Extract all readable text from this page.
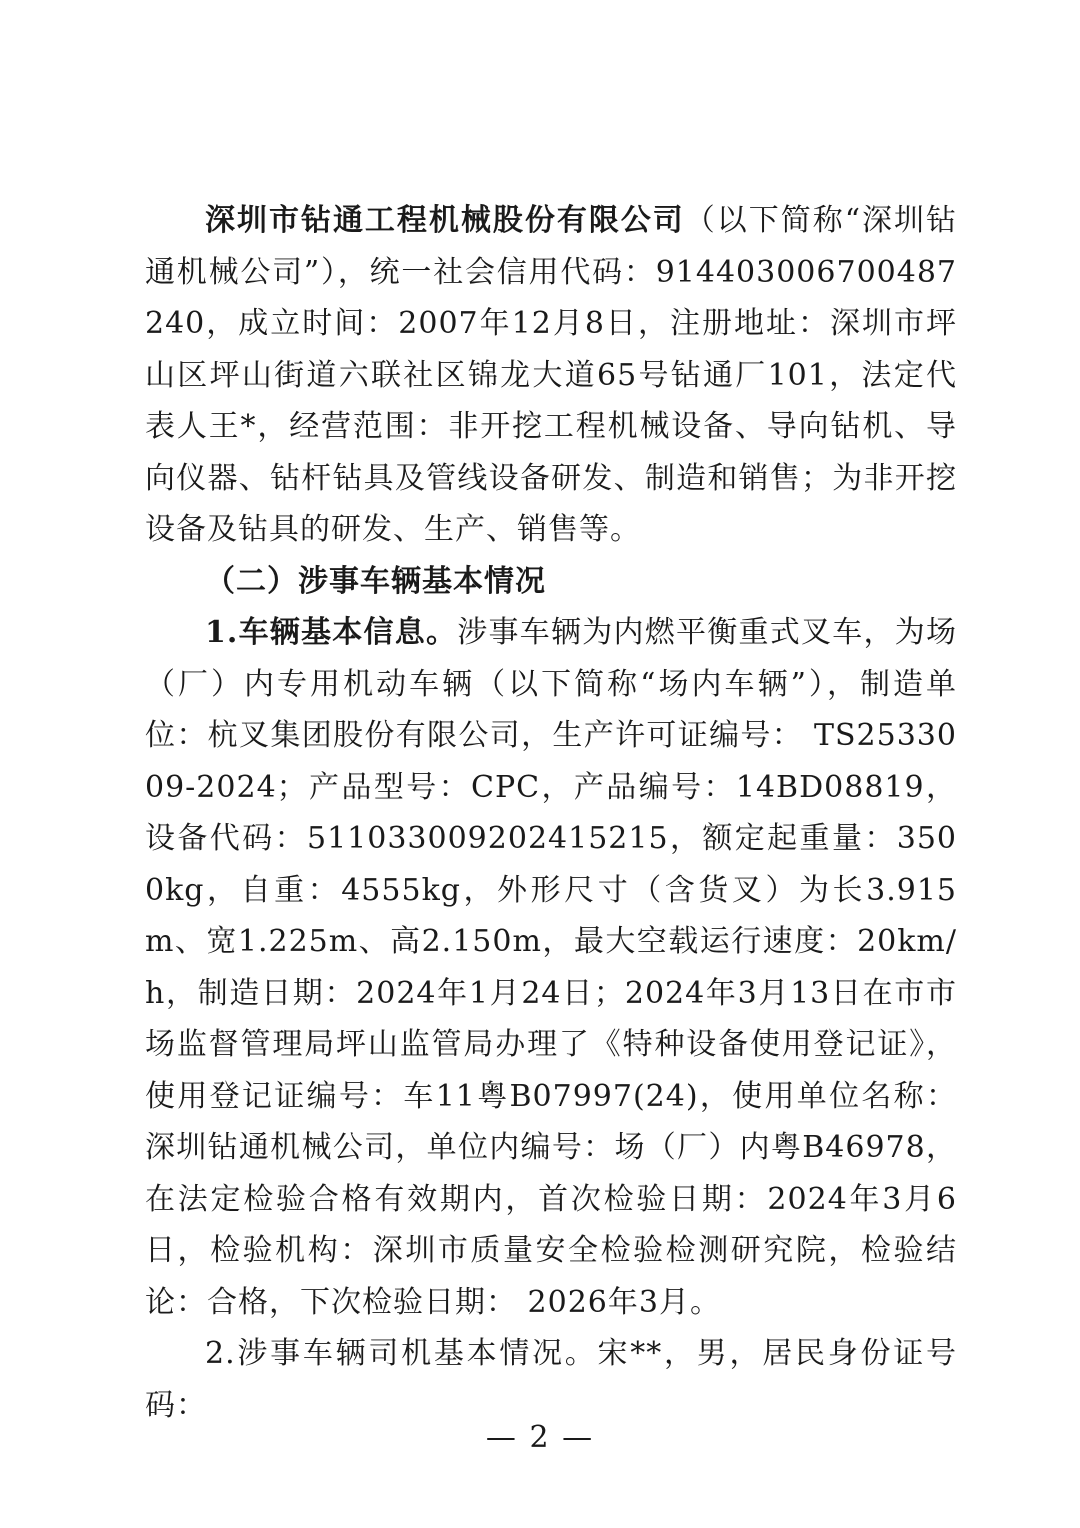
深圳市钻通工程机械股份有限公司（以下简称“深圳钻通机械公司”），统一社会信用代码：914403006700487240，成立时间：2007年12月8日，注册地址：深圳市坪山区坪山街道六联社区锦龙大道65号钻通厂101，法定代表人王*，经营范围：非开挖工程机械设备、导向钻机、导向仪器、钻杆钻具及管线设备研发、制造和销售；为非开挖设备及钻具的研发、生产、销售等。

（二）涉事车辆基本情况

1.车辆基本信息。涉事车辆为内燃平衡重式叉车，为场（厂）内专用机动车辆（以下简称“场内车辆”），制造单位：杭叉集团股份有限公司，生产许可证编号： TS2533009-2024；产品型号：CPC，产品编号：14BD08819，设备代码：511033009202415215，额定起重量：3500kg，自重：4555kg，外形尺寸（含货叉）为长3.915m、宽1.225m、高2.150m，最大空载运行速度：20km/h，制造日期：2024年1月24日；2024年3月13日在市市场监督管理局坪山监管局办理了《特种设备使用登记证》，使用登记证编号：车11粤B07997(24)，使用单位名称：深圳钻通机械公司，单位内编号：场（厂）内粤B46978，在法定检验合格有效期内，首次检验日期：2024年3月6日，检验机构：深圳市质量安全检验检测研究院，检验结论：合格，下次检验日期： 2026年3月。

2.涉事车辆司机基本情况。宋**，男，居民身份证号码：

— 2 —
